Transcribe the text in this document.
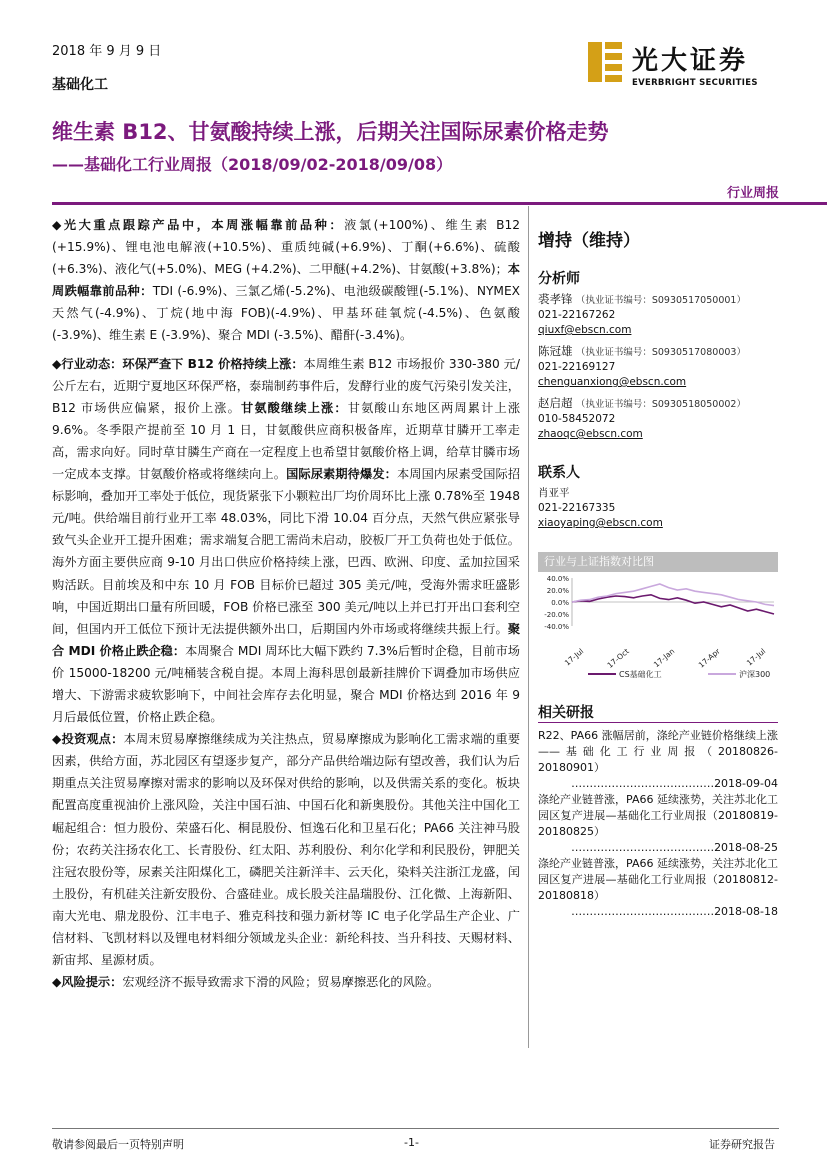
2018 年 9 月 9 日
基础化工
光大证券
EVERBRIGHT SECURITIES
维生素 B12、甘氨酸持续上涨，后期关注国际尿素价格走势
——基础化工行业周报（2018/09/02-2018/09/08）
行业周报

◆光大重点跟踪产品中，本周涨幅靠前品种：液氯(+100%)、维生素 B12 (+15.9%)、锂电池电解液(+10.5%)、重质纯碱(+6.9%)、丁酮(+6.6%)、硫酸 (+6.3%)、液化气(+5.0%)、MEG (+4.2%)、二甲醚(+4.2%)、甘氨酸(+3.8%)；本周跌幅靠前品种：TDI (-6.9%)、三氯乙烯(-5.2%)、电池级碳酸锂(-5.1%)、NYMEX 天然气(-4.9%)、丁烷(地中海 FOB)(-4.9%)、甲基环硅氧烷(-4.5%)、色氨酸(-3.9%)、维生素 E (-3.9%)、聚合 MDI (-3.5%)、醋酐(-3.4%)。

◆行业动态：环保严查下 B12 价格持续上涨：本周维生素 B12 市场报价 330-380 元/公斤左右，近期宁夏地区环保严格，泰瑞制药事件后，发酵行业的废气污染引发关注，B12 市场供应偏紧，报价上涨。甘氨酸继续上涨：甘氨酸山东地区两周累计上涨 9.6%。冬季限产提前至 10 月 1 日，甘氨酸供应商积极备库，近期草甘膦开工率走高，需求向好。同时草甘膦生产商在一定程度上也希望甘氨酸价格上调，给草甘膦市场一定成本支撑。甘氨酸价格或将继续向上。国际尿素期待爆发：本周国内尿素受国际招标影响，叠加开工率处于低位，现货紧张下小颗粒出厂均价周环比上涨 0.78%至 1948 元/吨。供给端目前行业开工率 48.03%，同比下滑 10.04 百分点，天然气供应紧张导致气头企业开工提升困难；需求端复合肥工需尚未启动，胶板厂开工负荷也处于低位。海外方面主要供应商 9-10 月出口供应价格持续上涨，巴西、欧洲、印度、孟加拉国采购活跃。目前埃及和中东 10 月 FOB 目标价已超过 305 美元/吨，受海外需求旺盛影响，中国近期出口量有所回暖，FOB 价格已涨至 300 美元/吨以上并已打开出口套利空间，但国内开工低位下预计无法提供额外出口，后期国内外市场或将继续共振上行。聚合 MDI 价格止跌企稳：本周聚合 MDI 周环比大幅下跌约 7.3%后暂时企稳，目前市场价 15000-18200 元/吨桶装含税自提。本周上海科思创最新挂牌价下调叠加市场供应增大、下游需求疲软影响下，中间社会库存去化明显，聚合 MDI 价格达到 2016 年 9 月后最低位置，价格止跌企稳。

◆投资观点：本周末贸易摩擦继续成为关注热点，贸易摩擦成为影响化工需求端的重要因素，供给方面，苏北园区有望逐步复产，部分产品供给端边际有望改善，我们认为后期重点关注贸易摩擦对需求的影响以及环保对供给的影响，以及供需关系的变化。板块配置高度重视油价上涨风险，关注中国石油、中国石化和新奥股份。其他关注中国化工崛起组合：恒力股份、荣盛石化、桐昆股份、恒逸石化和卫星石化；PA66 关注神马股份；农药关注扬农化工、长青股份、红太阳、苏利股份、利尔化学和利民股份，钾肥关注冠农股份等，尿素关注阳煤化工，磷肥关注新洋丰、云天化，染料关注浙江龙盛，闰土股份，有机硅关注新安股份、合盛硅业。成长股关注晶瑞股份、江化微、上海新阳、南大光电、鼎龙股份、江丰电子、雅克科技和强力新材等 IC 电子化学品生产企业、广信材料、飞凯材料以及锂电材料细分领域龙头企业：新纶科技、当升科技、天赐材料、新宙邦、星源材质。

◆风险提示：宏观经济不振导致需求下滑的风险；贸易摩擦恶化的风险。

增持（维持）
分析师
裘孝锋 （执业证书编号：S0930517050001）
021-22167262
qiuxf@ebscn.com
陈冠雄 （执业证书编号：S0930517080003）
021-22169127
chenguanxiong@ebscn.com
赵启超 （执业证书编号：S0930518050002）
010-58452072
zhaoqc@ebscn.com
联系人
肖亚平
021-22167335
xiaoyaping@ebscn.com
行业与上证指数对比图
40.0%
20.0%
0.0%
-20.0%
-40.0%
17-Jul	17-Oct	17-Jan	17-Apr	17-Jul
CS基础化工	沪深300
相关研报
R22、PA66 涨幅居前，涤纶产业链价格继续上涨——基础化工行业周报（20180826-20180901）
…………………………………2018-09-04
涤纶产业链普涨，PA66 延续涨势，关注苏北化工园区复产进展—基础化工行业周报（20180819-20180825）
…………………………………2018-08-25
涤纶产业链普涨，PA66 延续涨势，关注苏北化工园区复产进展—基础化工行业周报（20180812-20180818）
…………………………………2018-08-18
敬请参阅最后一页特别声明	-1-	证券研究报告
